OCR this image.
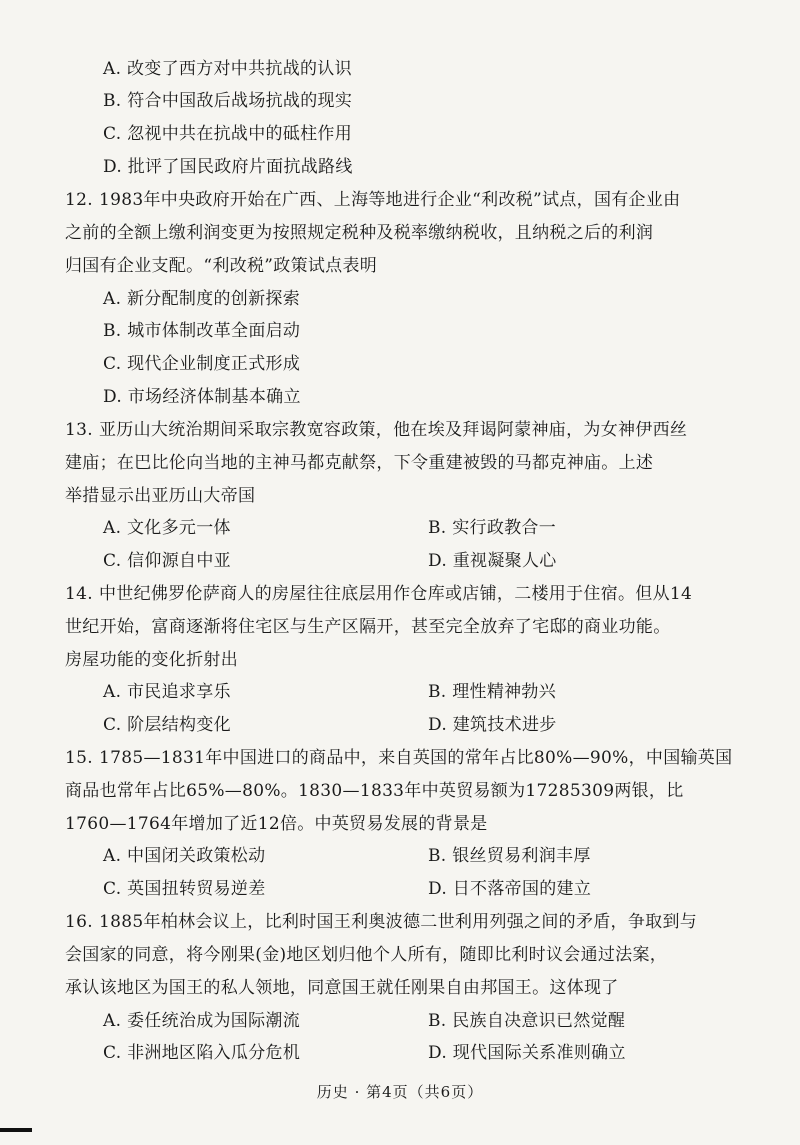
A. 改变了西方对中共抗战的认识
B. 符合中国敌后战场抗战的现实
C. 忽视中共在抗战中的砥柱作用
D. 批评了国民政府片面抗战路线
12. 1983年中央政府开始在广西、上海等地进行企业“利改税”试点，国有企业由
之前的全额上缴利润变更为按照规定税种及税率缴纳税收，且纳税之后的利润
归国有企业支配。“利改税”政策试点表明
A. 新分配制度的创新探索
B. 城市体制改革全面启动
C. 现代企业制度正式形成
D. 市场经济体制基本确立
13. 亚历山大统治期间采取宗教宽容政策，他在埃及拜谒阿蒙神庙，为女神伊西丝
建庙；在巴比伦向当地的主神马都克献祭，下令重建被毁的马都克神庙。上述
举措显示出亚历山大帝国
A. 文化多元一体	B. 实行政教合一
C. 信仰源自中亚	D. 重视凝聚人心
14. 中世纪佛罗伦萨商人的房屋往往底层用作仓库或店铺，二楼用于住宿。但从14
世纪开始，富商逐渐将住宅区与生产区隔开，甚至完全放弃了宅邸的商业功能。
房屋功能的变化折射出
A. 市民追求享乐	B. 理性精神勃兴
C. 阶层结构变化	D. 建筑技术进步
15. 1785—1831年中国进口的商品中，来自英国的常年占比80%—90%，中国输英国
商品也常年占比65%—80%。1830—1833年中英贸易额为17285309两银，比
1760—1764年增加了近12倍。中英贸易发展的背景是
A. 中国闭关政策松动	B. 银丝贸易利润丰厚
C. 英国扭转贸易逆差	D. 日不落帝国的建立
16. 1885年柏林会议上，比利时国王利奥波德二世利用列强之间的矛盾，争取到与
会国家的同意，将今刚果(金)地区划归他个人所有，随即比利时议会通过法案，
承认该地区为国王的私人领地，同意国王就任刚果自由邦国王。这体现了
A. 委任统治成为国际潮流	B. 民族自决意识已然觉醒
C. 非洲地区陷入瓜分危机	D. 现代国际关系准则确立
历史 · 第4页（共6页）
